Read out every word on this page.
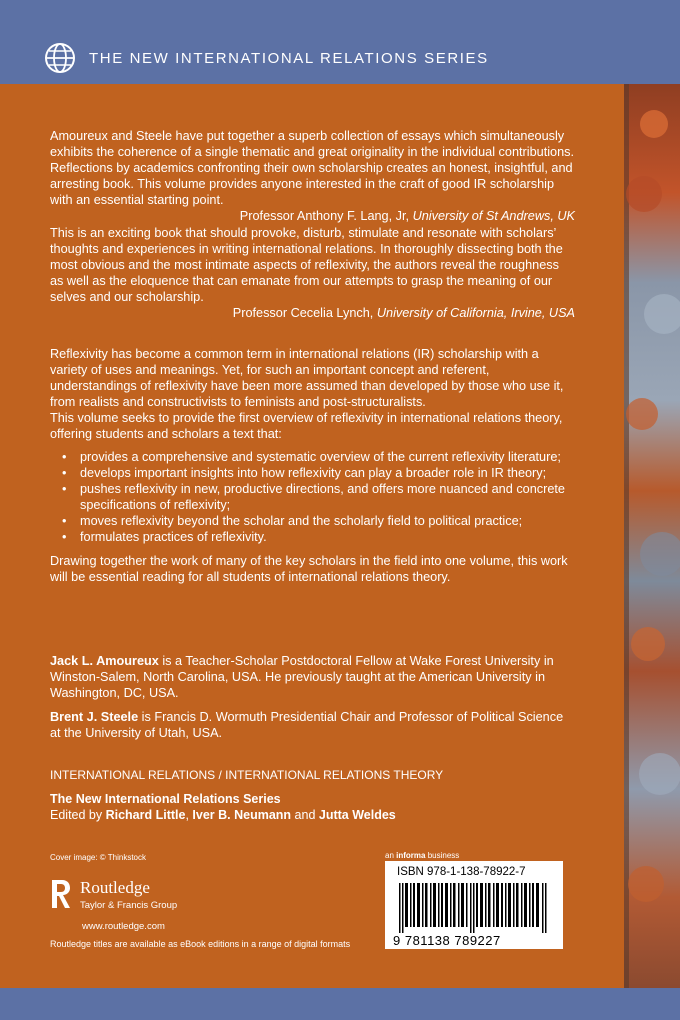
THE NEW INTERNATIONAL RELATIONS SERIES
Amoureux and Steele have put together a superb collection of essays which simultaneously exhibits the coherence of a single thematic and great originality in the individual contributions. Reflections by academics confronting their own scholarship creates an honest, insightful, and arresting book. This volume provides anyone interested in the craft of good IR scholarship with an essential starting point.
Professor Anthony F. Lang, Jr, University of St Andrews, UK
This is an exciting book that should provoke, disturb, stimulate and resonate with scholars’ thoughts and experiences in writing international relations. In thoroughly dissecting both the most obvious and the most intimate aspects of reflexivity, the authors reveal the roughness as well as the eloquence that can emanate from our attempts to grasp the meaning of our selves and our scholarship.
Professor Cecelia Lynch, University of California, Irvine, USA
Reflexivity has become a common term in international relations (IR) scholarship with a variety of uses and meanings. Yet, for such an important concept and referent, understandings of reflexivity have been more assumed than developed by those who use it, from realists and constructivists to feminists and post-structuralists.
This volume seeks to provide the first overview of reflexivity in international relations theory, offering students and scholars a text that:
• provides a comprehensive and systematic overview of the current reflexivity literature;
• develops important insights into how reflexivity can play a broader role in IR theory;
• pushes reflexivity in new, productive directions, and offers more nuanced and concrete specifications of reflexivity;
• moves reflexivity beyond the scholar and the scholarly field to political practice;
• formulates practices of reflexivity.
Drawing together the work of many of the key scholars in the field into one volume, this work will be essential reading for all students of international relations theory.
Jack L. Amoureux is a Teacher-Scholar Postdoctoral Fellow at Wake Forest University in Winston-Salem, North Carolina, USA. He previously taught at the American University in Washington, DC, USA.
Brent J. Steele is Francis D. Wormuth Presidential Chair and Professor of Political Science at the University of Utah, USA.
INTERNATIONAL RELATIONS / INTERNATIONAL RELATIONS THEORY
The New International Relations Series
Edited by Richard Little, Iver B. Neumann and Jutta Weldes
Cover image: © Thinkstock
Routledge
Taylor & Francis Group
www.routledge.com
Routledge titles are available as eBook editions in a range of digital formats
an informa business
ISBN 978-1-138-78922-7
9 781138 789227
